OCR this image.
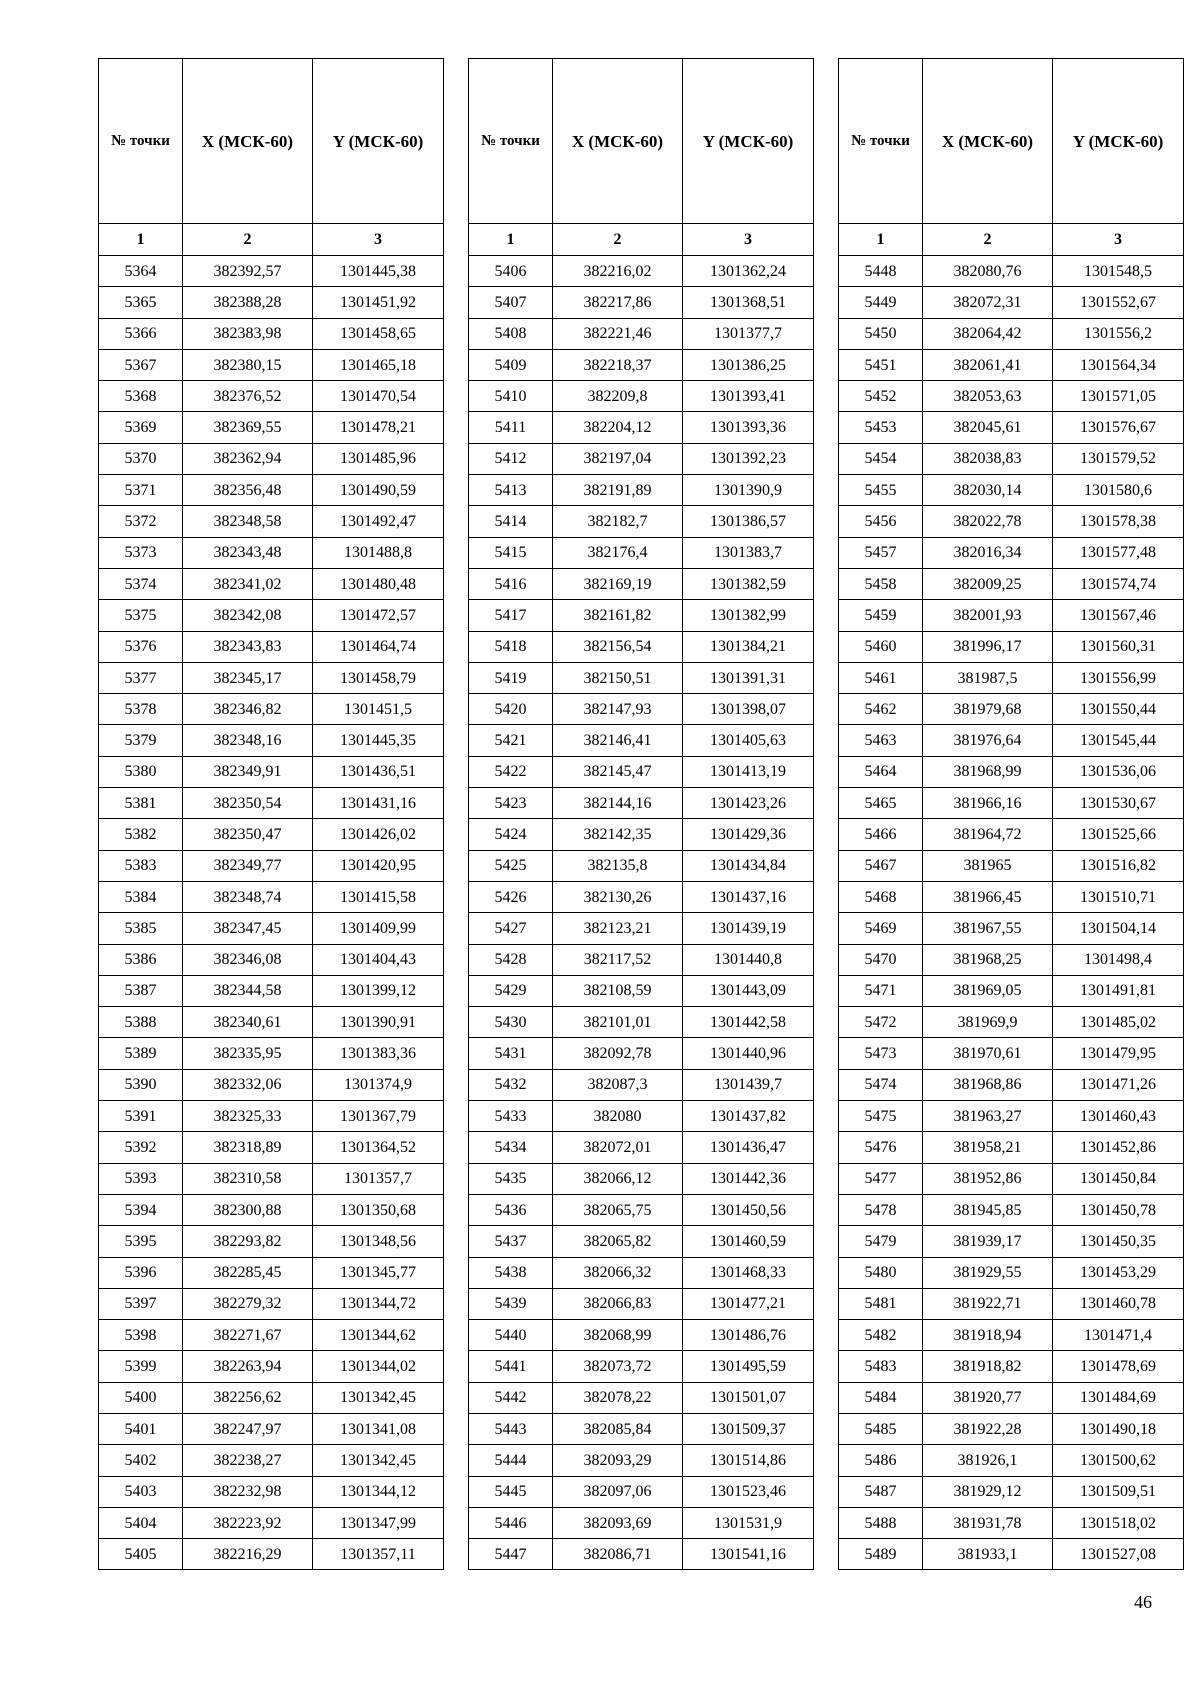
№ точки	X (МСК-60)	Y (МСК-60)
1	2	3
5364	382392,57	1301445,38
5365	382388,28	1301451,92
5366	382383,98	1301458,65
5367	382380,15	1301465,18
5368	382376,52	1301470,54
5369	382369,55	1301478,21
5370	382362,94	1301485,96
5371	382356,48	1301490,59
5372	382348,58	1301492,47
5373	382343,48	1301488,8
5374	382341,02	1301480,48
5375	382342,08	1301472,57
5376	382343,83	1301464,74
5377	382345,17	1301458,79
5378	382346,82	1301451,5
5379	382348,16	1301445,35
5380	382349,91	1301436,51
5381	382350,54	1301431,16
5382	382350,47	1301426,02
5383	382349,77	1301420,95
5384	382348,74	1301415,58
5385	382347,45	1301409,99
5386	382346,08	1301404,43
5387	382344,58	1301399,12
5388	382340,61	1301390,91
5389	382335,95	1301383,36
5390	382332,06	1301374,9
5391	382325,33	1301367,79
5392	382318,89	1301364,52
5393	382310,58	1301357,7
5394	382300,88	1301350,68
5395	382293,82	1301348,56
5396	382285,45	1301345,77
5397	382279,32	1301344,72
5398	382271,67	1301344,62
5399	382263,94	1301344,02
5400	382256,62	1301342,45
5401	382247,97	1301341,08
5402	382238,27	1301342,45
5403	382232,98	1301344,12
5404	382223,92	1301347,99
5405	382216,29	1301357,11
№ точки	X (МСК-60)	Y (МСК-60)
1	2	3
5406	382216,02	1301362,24
5407	382217,86	1301368,51
5408	382221,46	1301377,7
5409	382218,37	1301386,25
5410	382209,8	1301393,41
5411	382204,12	1301393,36
5412	382197,04	1301392,23
5413	382191,89	1301390,9
5414	382182,7	1301386,57
5415	382176,4	1301383,7
5416	382169,19	1301382,59
5417	382161,82	1301382,99
5418	382156,54	1301384,21
5419	382150,51	1301391,31
5420	382147,93	1301398,07
5421	382146,41	1301405,63
5422	382145,47	1301413,19
5423	382144,16	1301423,26
5424	382142,35	1301429,36
5425	382135,8	1301434,84
5426	382130,26	1301437,16
5427	382123,21	1301439,19
5428	382117,52	1301440,8
5429	382108,59	1301443,09
5430	382101,01	1301442,58
5431	382092,78	1301440,96
5432	382087,3	1301439,7
5433	382080	1301437,82
5434	382072,01	1301436,47
5435	382066,12	1301442,36
5436	382065,75	1301450,56
5437	382065,82	1301460,59
5438	382066,32	1301468,33
5439	382066,83	1301477,21
5440	382068,99	1301486,76
5441	382073,72	1301495,59
5442	382078,22	1301501,07
5443	382085,84	1301509,37
5444	382093,29	1301514,86
5445	382097,06	1301523,46
5446	382093,69	1301531,9
5447	382086,71	1301541,16
№ точки	X (МСК-60)	Y (МСК-60)
1	2	3
5448	382080,76	1301548,5
5449	382072,31	1301552,67
5450	382064,42	1301556,2
5451	382061,41	1301564,34
5452	382053,63	1301571,05
5453	382045,61	1301576,67
5454	382038,83	1301579,52
5455	382030,14	1301580,6
5456	382022,78	1301578,38
5457	382016,34	1301577,48
5458	382009,25	1301574,74
5459	382001,93	1301567,46
5460	381996,17	1301560,31
5461	381987,5	1301556,99
5462	381979,68	1301550,44
5463	381976,64	1301545,44
5464	381968,99	1301536,06
5465	381966,16	1301530,67
5466	381964,72	1301525,66
5467	381965	1301516,82
5468	381966,45	1301510,71
5469	381967,55	1301504,14
5470	381968,25	1301498,4
5471	381969,05	1301491,81
5472	381969,9	1301485,02
5473	381970,61	1301479,95
5474	381968,86	1301471,26
5475	381963,27	1301460,43
5476	381958,21	1301452,86
5477	381952,86	1301450,84
5478	381945,85	1301450,78
5479	381939,17	1301450,35
5480	381929,55	1301453,29
5481	381922,71	1301460,78
5482	381918,94	1301471,4
5483	381918,82	1301478,69
5484	381920,77	1301484,69
5485	381922,28	1301490,18
5486	381926,1	1301500,62
5487	381929,12	1301509,51
5488	381931,78	1301518,02
5489	381933,1	1301527,08
46
